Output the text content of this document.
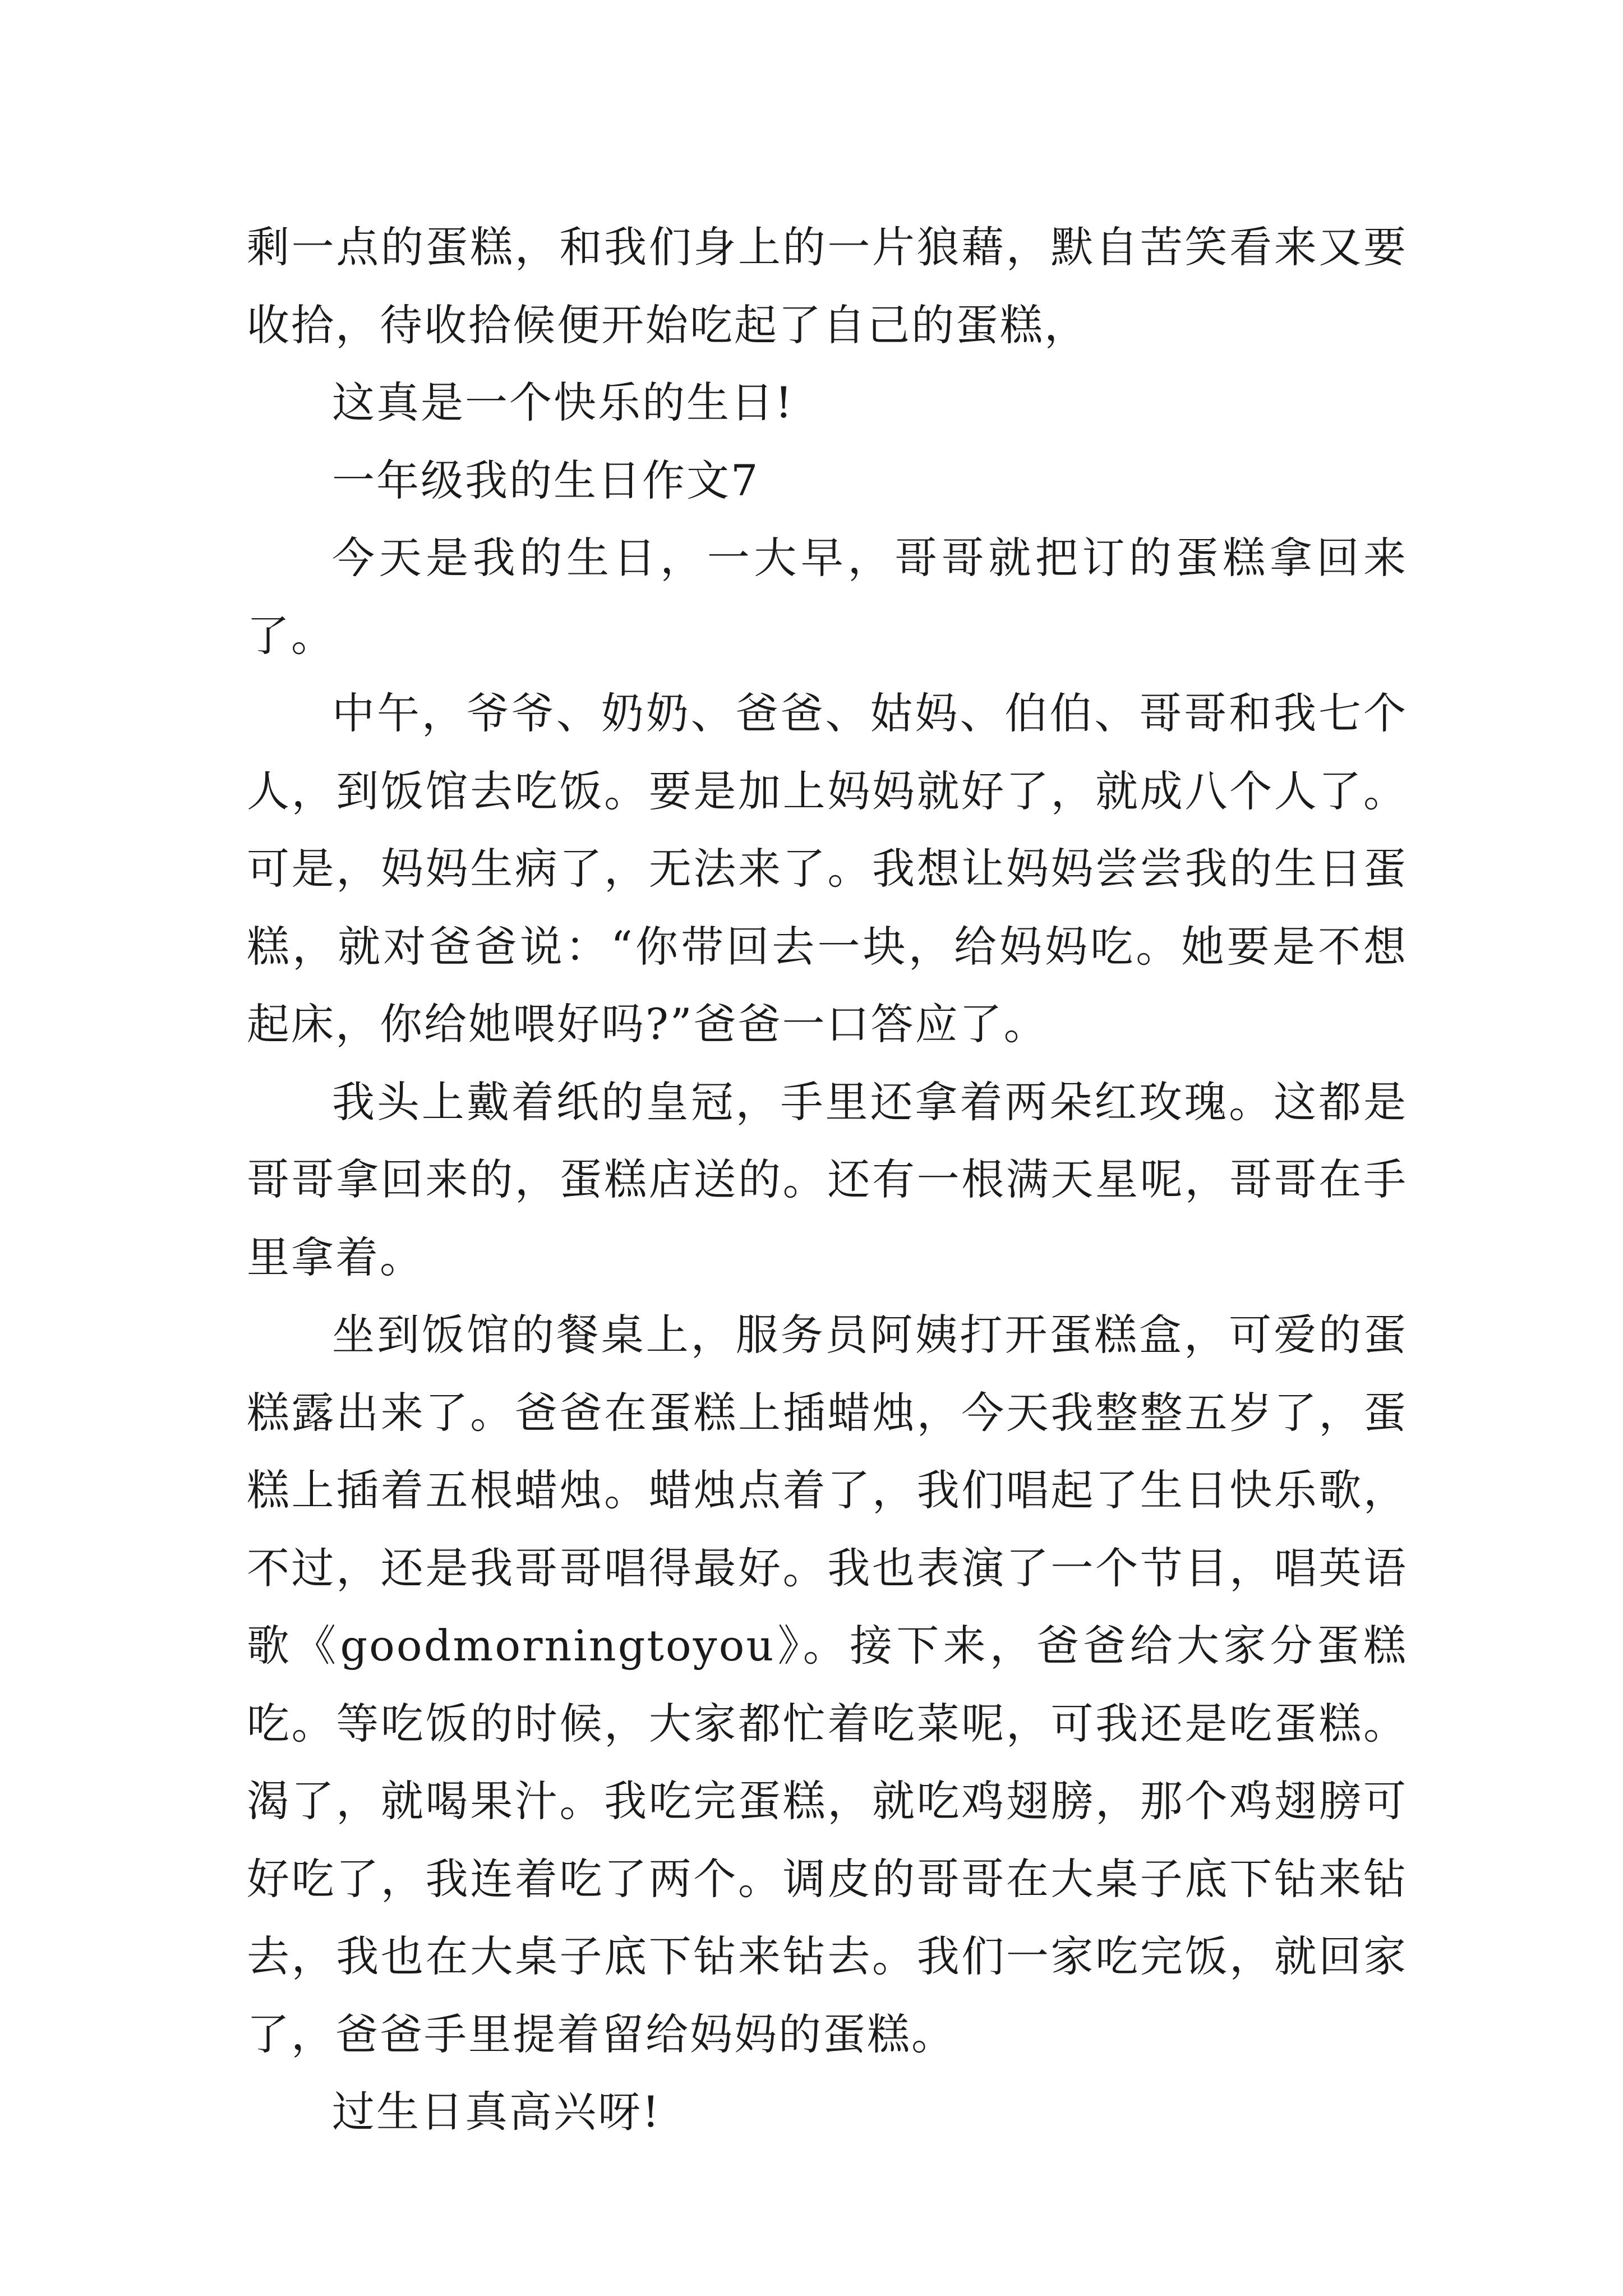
剩一点的蛋糕，和我们身上的一片狼藉，默自苦笑看来又要收拾，待收拾候便开始吃起了自己的蛋糕，

这真是一个快乐的生日!

一年级我的生日作文7

今天是我的生日，一大早，哥哥就把订的蛋糕拿回来了。

中午，爷爷、奶奶、爸爸、姑妈、伯伯、哥哥和我七个人，到饭馆去吃饭。要是加上妈妈就好了，就成八个人了。可是，妈妈生病了，无法来了。我想让妈妈尝尝我的生日蛋糕，就对爸爸说：“你带回去一块，给妈妈吃。她要是不想起床，你给她喂好吗?”爸爸一口答应了。

我头上戴着纸的皇冠，手里还拿着两朵红玫瑰。这都是哥哥拿回来的，蛋糕店送的。还有一根满天星呢，哥哥在手里拿着。

坐到饭馆的餐桌上，服务员阿姨打开蛋糕盒，可爱的蛋糕露出来了。爸爸在蛋糕上插蜡烛，今天我整整五岁了，蛋糕上插着五根蜡烛。蜡烛点着了，我们唱起了生日快乐歌，不过，还是我哥哥唱得最好。我也表演了一个节目，唱英语歌《goodmorningtoyou》。接下来，爸爸给大家分蛋糕吃。等吃饭的时候，大家都忙着吃菜呢，可我还是吃蛋糕。渴了，就喝果汁。我吃完蛋糕，就吃鸡翅膀，那个鸡翅膀可好吃了，我连着吃了两个。调皮的哥哥在大桌子底下钻来钻去，我也在大桌子底下钻来钻去。我们一家吃完饭，就回家了，爸爸手里提着留给妈妈的蛋糕。

过生日真高兴呀!
